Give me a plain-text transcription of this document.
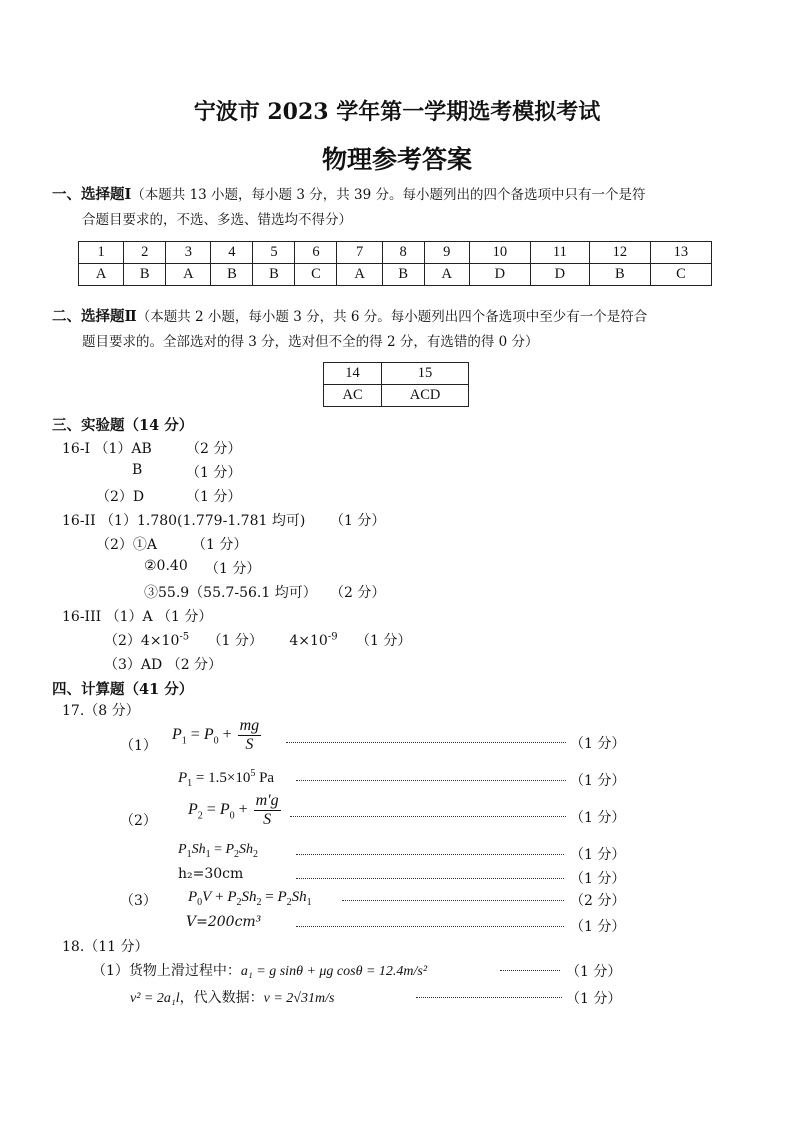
宁波市 2023 学年第一学期选考模拟考试
物理参考答案
一、选择题Ⅰ（本题共 13 小题，每小题 3 分，共 39 分。每小题列出的四个备选项中只有一个是符
合题目要求的，不选、多选、错选均不得分）
1	2	3	4	5	6	7	8	9	10	11	12	13
A	B	A	B	B	C	A	B	A	D	D	B	C
二、选择题Ⅱ（本题共 2 小题，每小题 3 分，共 6 分。每小题列出四个备选项中至少有一个是符合
题目要求的。全部选对的得 3 分，选对但不全的得 2 分，有选错的得 0 分）
14	15
AC	ACD
三、实验题（14 分）
16-I （1）AB （2 分）
B	（1 分）
（2）D	（1 分）
16-II （1）1.780(1.779-1.781 均可) （1 分）
（2）①A （1 分）
②0.40 （1 分）
③55.9（55.7-56.1 均可） （2 分）
16-III （1）A （1 分）
$(2)4\times 10^{-5}$ （1 分） $4\times 10^{-9}$ （1 分）
（3）AD （2 分）
四、计算题（41 分）
17.（8 分）
（1）
$P_1 = P_0 + \frac{mg}{S}$	（1 分）
$P_1 = 1.5\times 10^5$ Pa	（1 分）
（2）
$P_2 = P_0 + \frac{m'g}{S}$	（1 分）
$P_1Sh_1 = P_2Sh_2$	（1 分）
h₂=30cm	（1 分）
（3） $P_0V + P_2Sh_2 = P_2Sh_1$	（2 分）
V=200cm³	（1 分）
18.（11 分）
（1）货物上滑过程中：a₁ = g sinθ + μg cosθ = 12.4m/s²	（1 分）
v² = 2a₁l，代入数据：v = 2√31m/s	（1 分）
